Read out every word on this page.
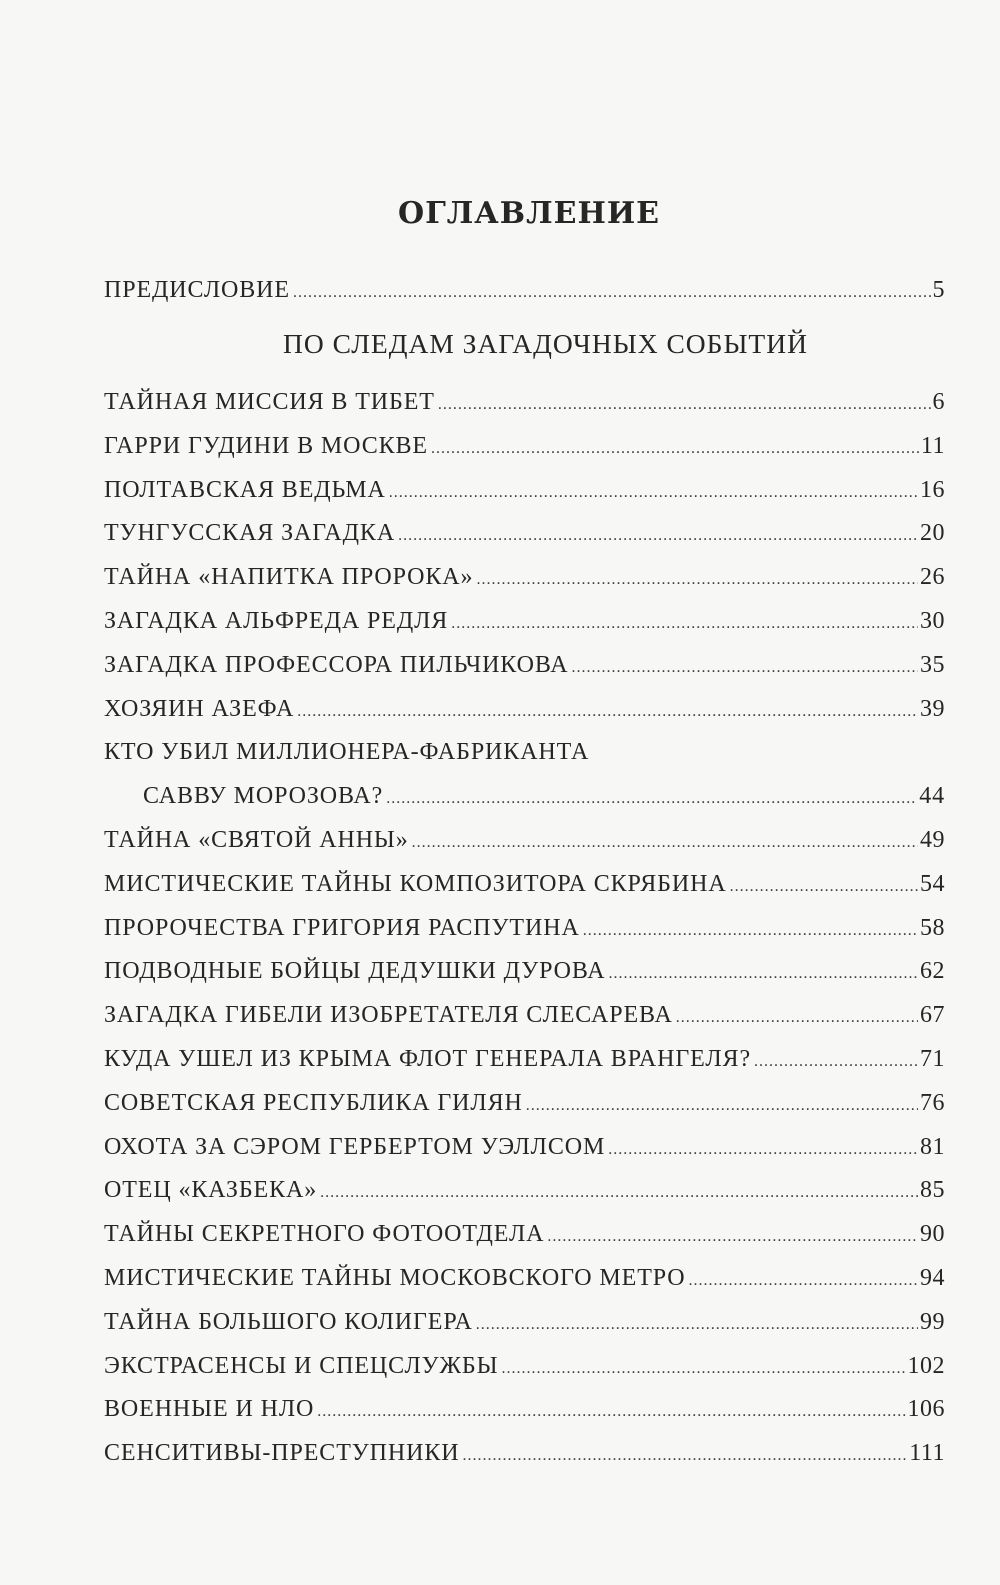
ОГЛАВЛЕНИЕ
ПРЕДИСЛОВИЕ .....	5
ПО СЛЕДАМ ЗАГАДОЧНЫХ СОБЫТИЙ
ТАЙНАЯ МИССИЯ В ТИБЕТ .....	6
ГАРРИ ГУДИНИ В МОСКВЕ .....	11
ПОЛТАВСКАЯ ВЕДЬМА .....	16
ТУНГУССКАЯ ЗАГАДКА .....	20
ТАЙНА «НАПИТКА ПРОРОКА» .....	26
ЗАГАДКА АЛЬФРЕДА РЕДЛЯ .....	30
ЗАГАДКА ПРОФЕССОРА ПИЛЬЧИКОВА .....	35
ХОЗЯИН АЗЕФА .....	39
КТО УБИЛ МИЛЛИОНЕРА-ФАБРИКАНТА
САВВУ МОРОЗОВА? .....	44
ТАЙНА «СВЯТОЙ АННЫ» .....	49
МИСТИЧЕСКИЕ ТАЙНЫ КОМПОЗИТОРА СКРЯБИНА .....	54
ПРОРОЧЕСТВА ГРИГОРИЯ РАСПУТИНА .....	58
ПОДВОДНЫЕ БОЙЦЫ ДЕДУШКИ ДУРОВА .....	62
ЗАГАДКА ГИБЕЛИ ИЗОБРЕТАТЕЛЯ СЛЕСАРЕВА .....	67
КУДА УШЕЛ ИЗ КРЫМА ФЛОТ ГЕНЕРАЛА ВРАНГЕЛЯ? .....	71
СОВЕТСКАЯ РЕСПУБЛИКА ГИЛЯН .....	76
ОХОТА ЗА СЭРОМ ГЕРБЕРТОМ УЭЛЛСОМ .....	81
ОТЕЦ «КАЗБЕКА» .....	85
ТАЙНЫ СЕКРЕТНОГО ФОТООТДЕЛА .....	90
МИСТИЧЕСКИЕ ТАЙНЫ МОСКОВСКОГО МЕТРО .....	94
ТАЙНА БОЛЬШОГО КОЛИГЕРА .....	99
ЭКСТРАСЕНСЫ И СПЕЦСЛУЖБЫ .....	102
ВОЕННЫЕ И НЛО .....	106
СЕНСИТИВЫ-ПРЕСТУПНИКИ .....	111
